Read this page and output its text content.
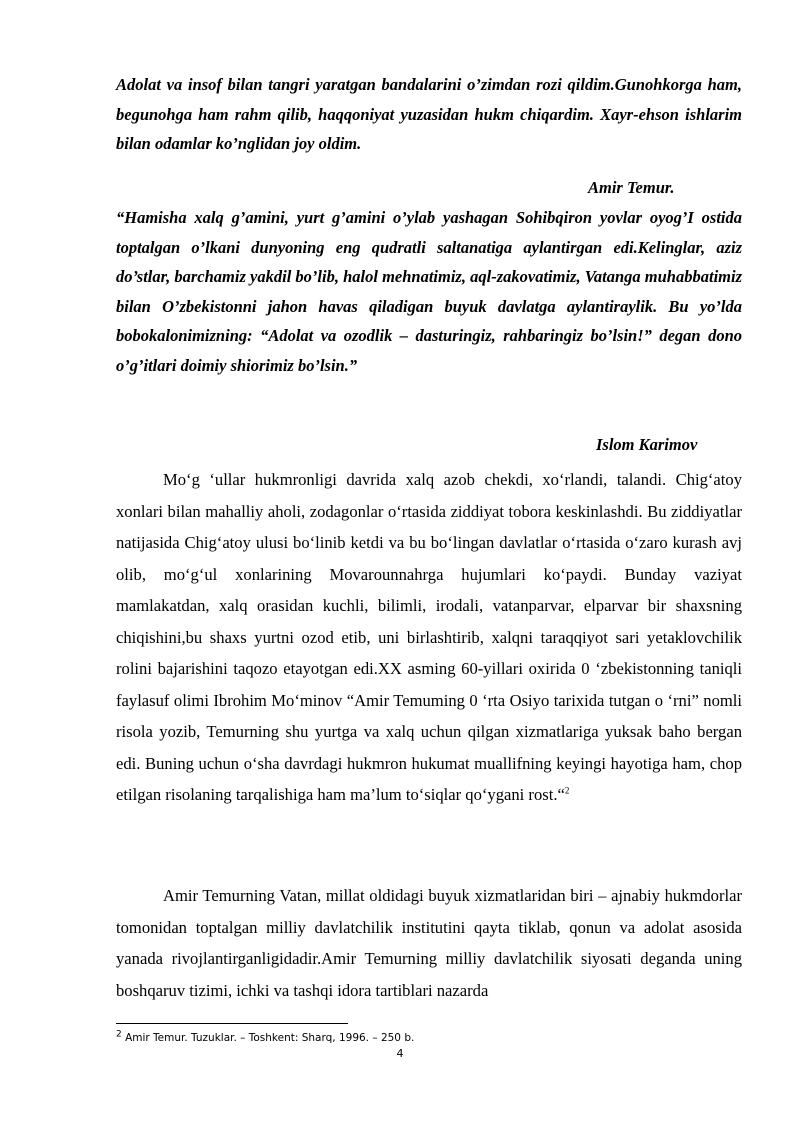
Adolat va insof bilan tangri yaratgan bandalarini o’zimdan rozi qildim.Gunohkorga ham, begunohga ham rahm qilib, haqqoniyat yuzasidan hukm chiqardim. Xayr-ehson ishlarim bilan odamlar ko’nglidan joy oldim.

Amir Temur.

“Hamisha xalq g’amini, yurt g’amini o’ylab yashagan Sohibqiron yovlar oyog’I ostida toptalgan o’lkani dunyoning eng qudratli saltanatiga aylantirgan edi.Kelinglar, aziz do’stlar, barchamiz yakdil bo’lib, halol mehnatimiz, aql-zakovatimiz, Vatanga muhabbatimiz bilan O’zbekistonni jahon havas qiladigan buyuk davlatga aylantiraylik. Bu yo’lda bobokalonimizning: “Adolat va ozodlik – dasturingiz, rahbaringiz bo’lsin!” degan dono o’g’itlari doimiy shiorimiz bo’lsin.”

Islom Karimov

Mo‘g ‘ullar hukmronligi davrida xalq azob chekdi, xo‘rlandi, talandi. Chig‘atoy xonlari bilan mahalliy aholi, zodagonlar o‘rtasida ziddiyat tobora keskinlashdi. Bu ziddiyatlar natijasida Chig‘atoy ulusi bo‘linib ketdi va bu bo‘lingan davlatlar o‘rtasida o‘zaro kurash avj olib, mo‘g‘ul xonlarining Movarounnahrga hujumlari ko‘paydi. Bunday vaziyat mamlakatdan, xalq orasidan kuchli, bilimli, irodali, vatanparvar, elparvar bir shaxsning chiqishini,bu shaxs yurtni ozod etib, uni birlashtirib, xalqni taraqqiyot sari yetaklovchilik rolini bajarishini taqozo etayotgan edi.XX asming 60-yillari oxirida 0 ‘zbekistonning taniqli faylasuf olimi Ibrohim Mo‘minov “Amir Temuming 0 ‘rta Osiyo tarixida tutgan o ‘rni” nomli risola yozib, Temurning shu yurtga va xalq uchun qilgan xizmatlariga yuksak baho bergan edi. Buning uchun o‘sha davrdagi hukmron hukumat muallifning keyingi hayotiga ham, chop etilgan risolaning tarqalishiga ham ma’lum to‘siqlar qo‘ygani rost.“$^2$

Amir Temurning Vatan, millat oldidagi buyuk xizmatlaridan biri – ajnabiy hukmdorlar tomonidan toptalgan milliy davlatchilik institutini qayta tiklab, qonun va adolat asosida yanada rivojlantirganligidadir.Amir Temurning milliy davlatchilik siyosati deganda uning boshqaruv tizimi, ichki va tashqi idora tartiblari nazarda

$^2$ Amir Temur. Tuzuklar. – Toshkent: Sharq, 1996. – 250 b.
4
